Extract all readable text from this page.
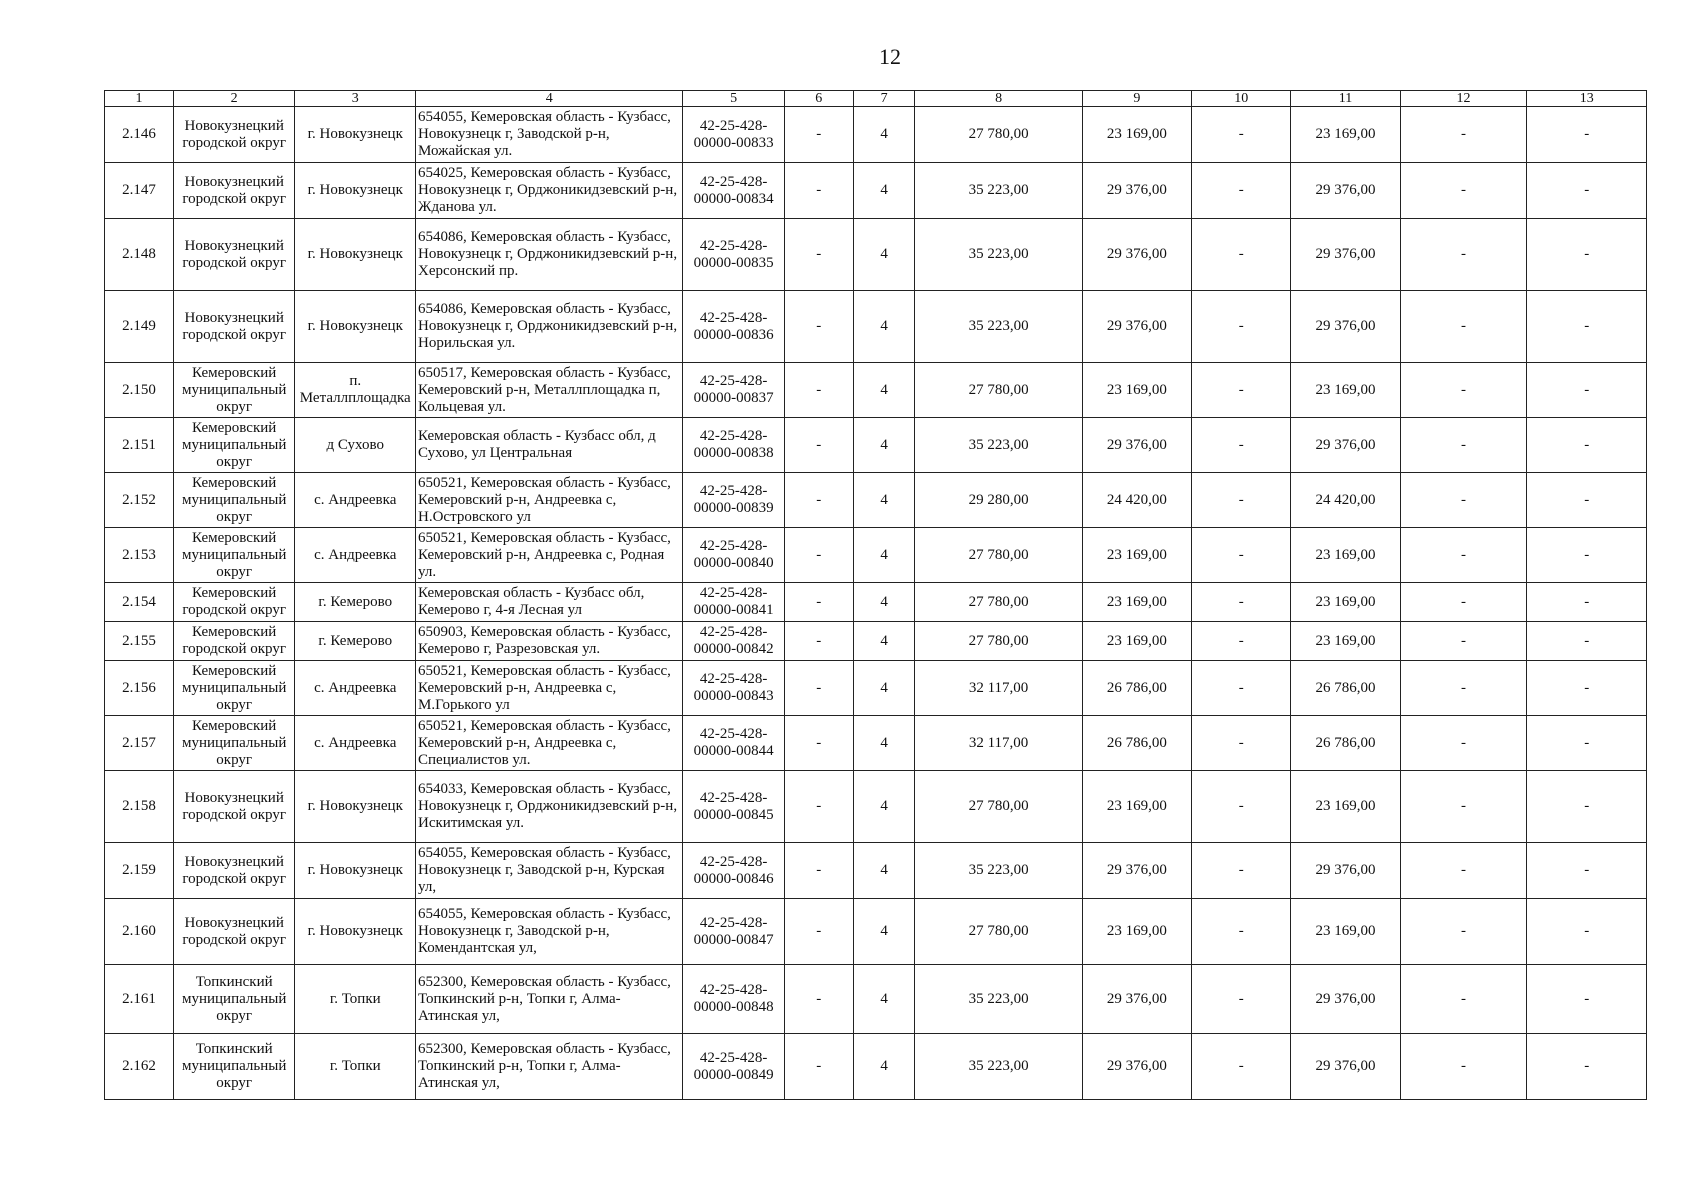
12
1	2	3	4	5	6	7	8	9	10	11	12	13
2.146	Новокузнецкий городской округ	г. Новокузнецк	654055, Кемеровская область - Кузбасс, Новокузнецк г, Заводской р-н, Можайская ул.	42-25-428-00000-00833	-	4	27 780,00	23 169,00	-	23 169,00	-	-
2.147	Новокузнецкий городской округ	г. Новокузнецк	654025, Кемеровская область - Кузбасс, Новокузнецк г, Орджоникидзевский р-н, Жданова ул.	42-25-428-00000-00834	-	4	35 223,00	29 376,00	-	29 376,00	-	-
2.148	Новокузнецкий городской округ	г. Новокузнецк	654086, Кемеровская область - Кузбасс, Новокузнецк г, Орджоникидзевский р-н, Херсонский пр.	42-25-428-00000-00835	-	4	35 223,00	29 376,00	-	29 376,00	-	-
2.149	Новокузнецкий городской округ	г. Новокузнецк	654086, Кемеровская область - Кузбасс, Новокузнецк г, Орджоникидзевский р-н, Норильская ул.	42-25-428-00000-00836	-	4	35 223,00	29 376,00	-	29 376,00	-	-
2.150	Кемеровский муниципальный округ	п. Металлплощадка	650517, Кемеровская область - Кузбасс, Кемеровский р-н, Металлплощадка п, Кольцевая ул.	42-25-428-00000-00837	-	4	27 780,00	23 169,00	-	23 169,00	-	-
2.151	Кемеровский муниципальный округ	д Сухово	Кемеровская область - Кузбасс обл, д Сухово, ул Центральная	42-25-428-00000-00838	-	4	35 223,00	29 376,00	-	29 376,00	-	-
2.152	Кемеровский муниципальный округ	с. Андреевка	650521, Кемеровская область - Кузбасс, Кемеровский р-н, Андреевка с, Н.Островского ул	42-25-428-00000-00839	-	4	29 280,00	24 420,00	-	24 420,00	-	-
2.153	Кемеровский муниципальный округ	с. Андреевка	650521, Кемеровская область - Кузбасс, Кемеровский р-н, Андреевка с, Родная ул.	42-25-428-00000-00840	-	4	27 780,00	23 169,00	-	23 169,00	-	-
2.154	Кемеровский городской округ	г. Кемерово	Кемеровская область - Кузбасс обл, Кемерово г, 4-я Лесная ул	42-25-428-00000-00841	-	4	27 780,00	23 169,00	-	23 169,00	-	-
2.155	Кемеровский городской округ	г. Кемерово	650903, Кемеровская область - Кузбасс, Кемерово г, Разрезовская ул.	42-25-428-00000-00842	-	4	27 780,00	23 169,00	-	23 169,00	-	-
2.156	Кемеровский муниципальный округ	с. Андреевка	650521, Кемеровская область - Кузбасс, Кемеровский р-н, Андреевка с, М.Горького ул	42-25-428-00000-00843	-	4	32 117,00	26 786,00	-	26 786,00	-	-
2.157	Кемеровский муниципальный округ	с. Андреевка	650521, Кемеровская область - Кузбасс, Кемеровский р-н, Андреевка с, Специалистов ул.	42-25-428-00000-00844	-	4	32 117,00	26 786,00	-	26 786,00	-	-
2.158	Новокузнецкий городской округ	г. Новокузнецк	654033, Кемеровская область - Кузбасс, Новокузнецк г, Орджоникидзевский р-н, Искитимская ул.	42-25-428-00000-00845	-	4	27 780,00	23 169,00	-	23 169,00	-	-
2.159	Новокузнецкий городской округ	г. Новокузнецк	654055, Кемеровская область - Кузбасс, Новокузнецк г, Заводской р-н, Курская ул,	42-25-428-00000-00846	-	4	35 223,00	29 376,00	-	29 376,00	-	-
2.160	Новокузнецкий городской округ	г. Новокузнецк	654055, Кемеровская область - Кузбасс, Новокузнецк г, Заводской р-н, Комендантская ул,	42-25-428-00000-00847	-	4	27 780,00	23 169,00	-	23 169,00	-	-
2.161	Топкинский муниципальный округ	г. Топки	652300, Кемеровская область - Кузбасс, Топкинский р-н, Топки г, Алма-Атинская ул,	42-25-428-00000-00848	-	4	35 223,00	29 376,00	-	29 376,00	-	-
2.162	Топкинский муниципальный округ	г. Топки	652300, Кемеровская область - Кузбасс, Топкинский р-н, Топки г, Алма-Атинская ул,	42-25-428-00000-00849	-	4	35 223,00	29 376,00	-	29 376,00	-	-
